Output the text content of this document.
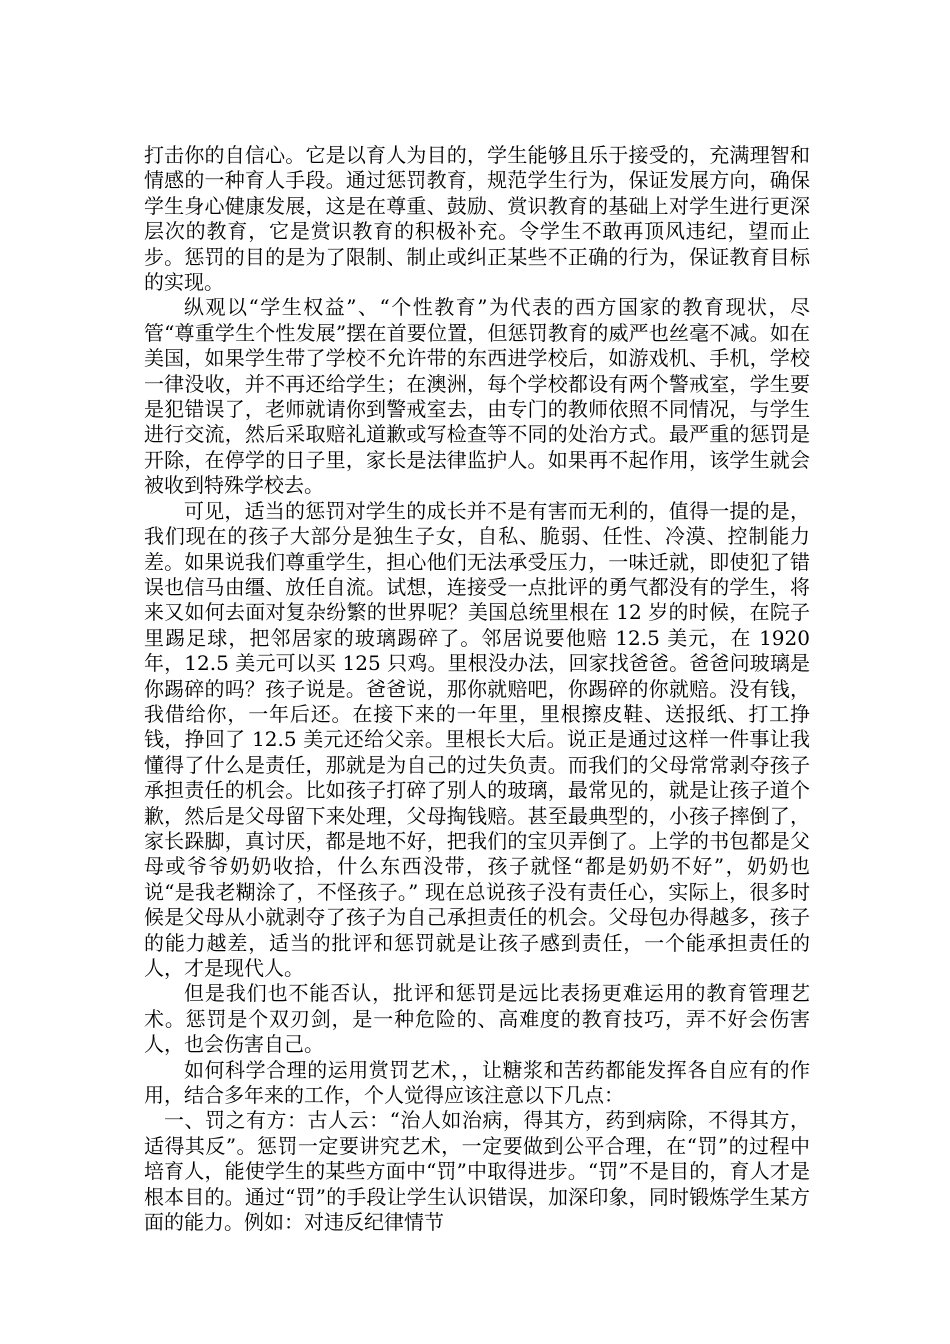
打击你的自信心。它是以育人为目的，学生能够且乐于接受的，充满理智和情感的一种育人手段。通过惩罚教育，规范学生行为，保证发展方向，确保学生身心健康发展，这是在尊重、鼓励、赏识教育的基础上对学生进行更深层次的教育，它是赏识教育的积极补充。令学生不敢再顶风违纪，望而止步。惩罚的目的是为了限制、制止或纠正某些不正确的行为，保证教育目标的实现。

纵观以“学生权益”、“个性教育”为代表的西方国家的教育现状，尽管“尊重学生个性发展”摆在首要位置，但惩罚教育的威严也丝毫不减。如在美国，如果学生带了学校不允许带的东西进学校后，如游戏机、手机，学校一律没收，并不再还给学生；在澳洲，每个学校都设有两个警戒室，学生要是犯错误了，老师就请你到警戒室去，由专门的教师依照不同情况，与学生进行交流，然后采取赔礼道歉或写检查等不同的处治方式。最严重的惩罚是开除，在停学的日子里，家长是法律监护人。如果再不起作用，该学生就会被收到特殊学校去。

可见，适当的惩罚对学生的成长并不是有害而无利的，值得一提的是，我们现在的孩子大部分是独生子女，自私、脆弱、任性、冷漠、控制能力差。如果说我们尊重学生，担心他们无法承受压力，一味迁就，即使犯了错误也信马由缰、放任自流。试想，连接受一点批评的勇气都没有的学生，将来又如何去面对复杂纷繁的世界呢？美国总统里根在 12 岁的时候，在院子里踢足球，把邻居家的玻璃踢碎了。邻居说要他赔 12.5 美元，在 1920 年，12.5 美元可以买 125 只鸡。里根没办法，回家找爸爸。爸爸问玻璃是你踢碎的吗？孩子说是。爸爸说，那你就赔吧，你踢碎的你就赔。没有钱，我借给你，一年后还。在接下来的一年里，里根擦皮鞋、送报纸、打工挣钱，挣回了 12.5 美元还给父亲。里根长大后。说正是通过这样一件事让我懂得了什么是责任，那就是为自己的过失负责。而我们的父母常常剥夺孩子承担责任的机会。比如孩子打碎了别人的玻璃，最常见的，就是让孩子道个歉，然后是父母留下来处理，父母掏钱赔。甚至最典型的，小孩子摔倒了，家长跺脚，真讨厌，都是地不好，把我们的宝贝弄倒了。上学的书包都是父母或爷爷奶奶收拾，什么东西没带，孩子就怪“都是奶奶不好”，奶奶也说“是我老糊涂了，不怪孩子。” 现在总说孩子没有责任心，实际上，很多时候是父母从小就剥夺了孩子为自己承担责任的机会。父母包办得越多，孩子的能力越差，适当的批评和惩罚就是让孩子感到责任，一个能承担责任的人，才是现代人。

但是我们也不能否认，批评和惩罚是远比表扬更难运用的教育管理艺术。惩罚是个双刃剑，是一种危险的、高难度的教育技巧，弄不好会伤害人，也会伤害自己。

如何科学合理的运用赏罚艺术，，让糖浆和苦药都能发挥各自应有的作用，结合多年来的工作，个人觉得应该注意以下几点：

一、罚之有方：古人云：“治人如治病，得其方，药到病除，不得其方，适得其反”。惩罚一定要讲究艺术，一定要做到公平合理，在“罚”的过程中培育人，能使学生的某些方面中“罚”中取得进步。“罚”不是目的，育人才是根本目的。通过“罚”的手段让学生认识错误，加深印象，同时锻炼学生某方面的能力。例如：对违反纪律情节
